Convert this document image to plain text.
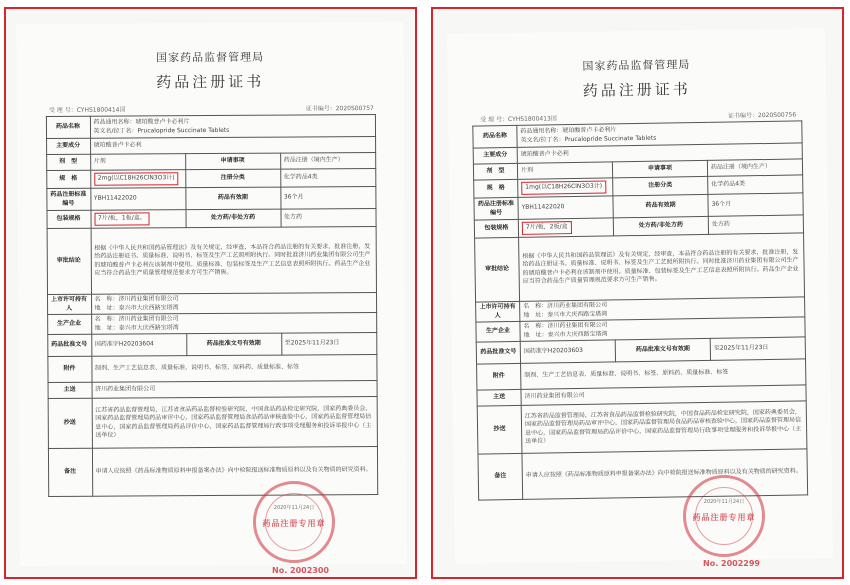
国家药品监督管理局
药品注册证书
受 理 号：CYHS1800414国	证书编号：2020S00757
药品名称	药品通用名称：琥珀酸普卢卡必利片
英文名/拉丁名：Prucalopride Succinate Tablets		

主要成分	琥珀酸普卢卡必利		
剂　型	片剂	申请事项	药品注册（境内生产）
规　格	2mg(以C18H26ClN3O3计)	注册分类	化学药品4类
药品注册标准编号	YBH11422020	药品有效期	36个月
包装规格	7片/板，1板/盒。	处方药/非处方药	处方药
审批结论	根据《中华人民共和国药品管理法》及有关规定，经审查，本品符合药品注册的有关要求，批准注册，发给药品注册证书。质量标准、说明书、标签及生产工艺照所附执行。同时批准济川药业集团有限公司生产的琥珀酸普卢卡必利在该制剂中使用。质量标准、包装标签及生产工艺信息表照所附执行。药品生产企业应当符合药品生产质量管理规范要求方可生产销售。		
上市许可持有人	名　称：济川药业集团有限公司
地　址：泰兴市大庆西路宝塔湾		

生产企业	名　称：济川药业集团有限公司
地　址：泰兴市大庆西路宝塔湾		

药品批准文号	国药准字H20203604	药品批准文号有效期	至2025年11月23日
附件	制剂、生产工艺信息表、质量标准、说明书、标签、原料药、质量标准、标签		
主送	济川药业集团有限公司		
抄送	江苏省药品监督管理局，江苏省食品药品监督检验研究院，中国食品药品检定研究院，国家药典委员会，国家药品监督管理局药品审评中心，国家药品监督管理局食品药品审核查验中心，国家药品监督管理局信息中心，国家药品监督管理局药品评价中心，国家药品监督管理局行政事项受理服务和投诉举报中心（主送单位）		
备注	申请人应按照《药品标准物质原料申报备案办法》向中检院报送标准物质原料以及有关物质的研究资料。		
2020年11月24日
药品注册专用章
No. 2002300
国家药品监督管理局
药品注册证书
受 理 号：CYHS1800413国	证书编号：2020S00756
药品名称	药品通用名称：琥珀酸普卢卡必利片
英文名/拉丁名：Prucalopride Succinate Tablets		

主要成分	琥珀酸普卢卡必利		
剂　型	片剂	申请事项	药品注册（境内生产）
规　格	1mg(以C18H26ClN3O3计)	注册分类	化学药品4类
药品注册标准编号	YBH11422020	药品有效期	36个月
包装规格	7片/板，2板/盒	处方药/非处方药	处方药
审批结论	根据《中华人民共和国药品管理法》及有关规定，经审查，本品符合药品注册的有关要求，批准注册，发给药品注册证书。质量标准、说明书、标签及生产工艺照所附执行。同时批准济川药业集团有限公司生产的琥珀酸普卢卡必利在该制剂中使用。质量标准、包装标签及生产工艺信息表照所附执行。药品生产企业应当符合药品生产质量管理规范要求方可生产销售。		
上市许可持有人	名　称：济川药业集团有限公司
地　址：泰兴市大庆西路宝塔湾		

生产企业	名　称：济川药业集团有限公司
地　址：泰兴市大庆西路宝塔湾		

药品批准文号	国药准字H20203603	药品批准文号有效期	至2025年11月23日
附件	制剂、生产工艺信息表、质量标准、说明书、标签、原料药、质量标准、标签		
主送	济川药业集团有限公司		
抄送	江苏省药品监督管理局，江苏省食品药品监督检验研究院，中国食品药品检定研究院，国家药典委员会，国家药品监督管理局药品审评中心，国家药品监督管理局食品药品审核查验中心，国家药品监督管理局信息中心，国家药品监督管理局药品评价中心，国家药品监督管理局行政事项受理服务和投诉举报中心（主送单位）		
备注	申请人应按照《药品标准物质原料申报备案办法》向中检院报送标准物质原料以及有关物质的研究资料。		
2020年11月24日
药品注册专用章
No. 2002299
